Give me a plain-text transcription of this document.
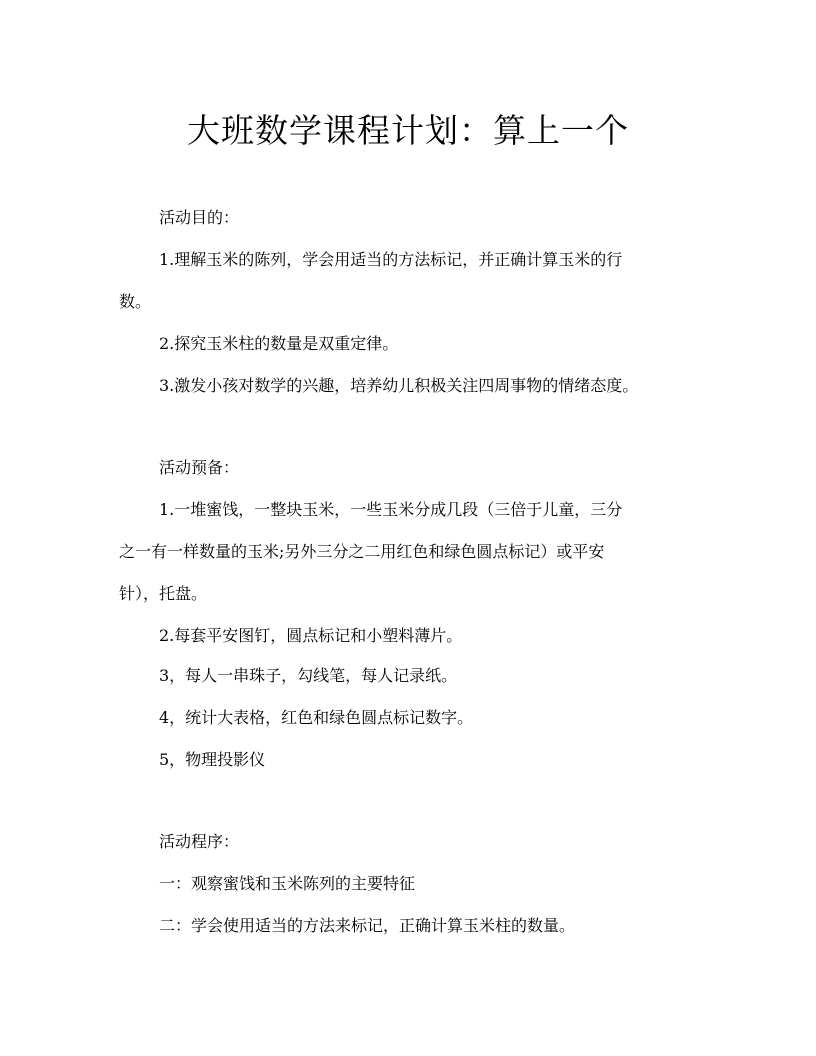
大班数学课程计划：算上一个
活动目的：
1.理解玉米的陈列，学会用适当的方法标记，并正确计算玉米的行
数。
2.探究玉米柱的数量是双重定律。
3.激发小孩对数学的兴趣，培养幼儿积极关注四周事物的情绪态度。
活动预备：
1.一堆蜜饯，一整块玉米，一些玉米分成几段（三倍于儿童，三分
之一有一样数量的玉米;另外三分之二用红色和绿色圆点标记）或平安
针），托盘。
2.每套平安图钉，圆点标记和小塑料薄片。
3，每人一串珠子，勾线笔，每人记录纸。
4，统计大表格，红色和绿色圆点标记数字。
5，物理投影仪
活动程序：
一：观察蜜饯和玉米陈列的主要特征
二：学会使用适当的方法来标记，正确计算玉米柱的数量。
